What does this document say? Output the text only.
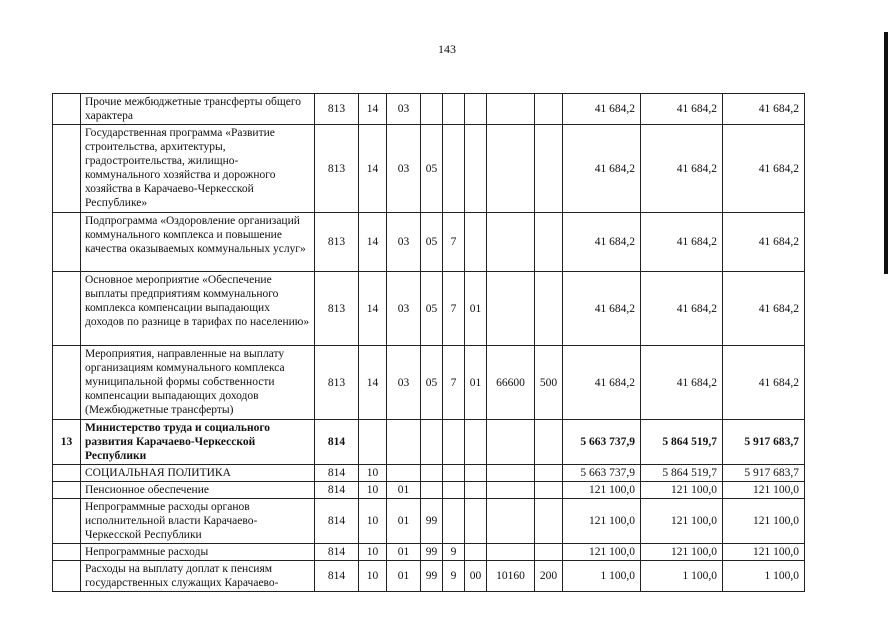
143
	Прочие межбюджетные трансферты общего характера	813	14	03						41 684,2	41 684,2	41 684,2
	Государственная программа «Развитие строительства, архитектуры, градостроительства, жилищно-коммунального хозяйства и дорожного хозяйства в Карачаево-Черкесской Республике»	813	14	03	05					41 684,2	41 684,2	41 684,2
	Подпрограмма «Оздоровление организаций коммунального комплекса и повышение качества оказываемых коммунальных услуг»	813	14	03	05	7				41 684,2	41 684,2	41 684,2
	Основное мероприятие «Обеспечение выплаты предприятиям коммунального комплекса компенсации выпадающих доходов по разнице в тарифах по населению»	813	14	03	05	7	01			41 684,2	41 684,2	41 684,2
	Мероприятия, направленные на выплату организациям коммунального комплекса муниципальной формы собственности компенсации выпадающих доходов (Межбюджетные трансферты)	813	14	03	05	7	01	66600	500	41 684,2	41 684,2	41 684,2
13	Министерство труда и социального развития Карачаево-Черкесской Республики	814								5 663 737,9	5 864 519,7	5 917 683,7
	СОЦИАЛЬНАЯ ПОЛИТИКА	814	10							5 663 737,9	5 864 519,7	5 917 683,7
	Пенсионное обеспечение	814	10	01						121 100,0	121 100,0	121 100,0
	Непрограммные расходы органов исполнительной власти Карачаево-Черкесской Республики	814	10	01	99					121 100,0	121 100,0	121 100,0
	Непрограммные расходы	814	10	01	99	9				121 100,0	121 100,0	121 100,0
	Расходы на выплату доплат к пенсиям государственных служащих Карачаево-	814	10	01	99	9	00	10160	200	1 100,0	1 100,0	1 100,0
